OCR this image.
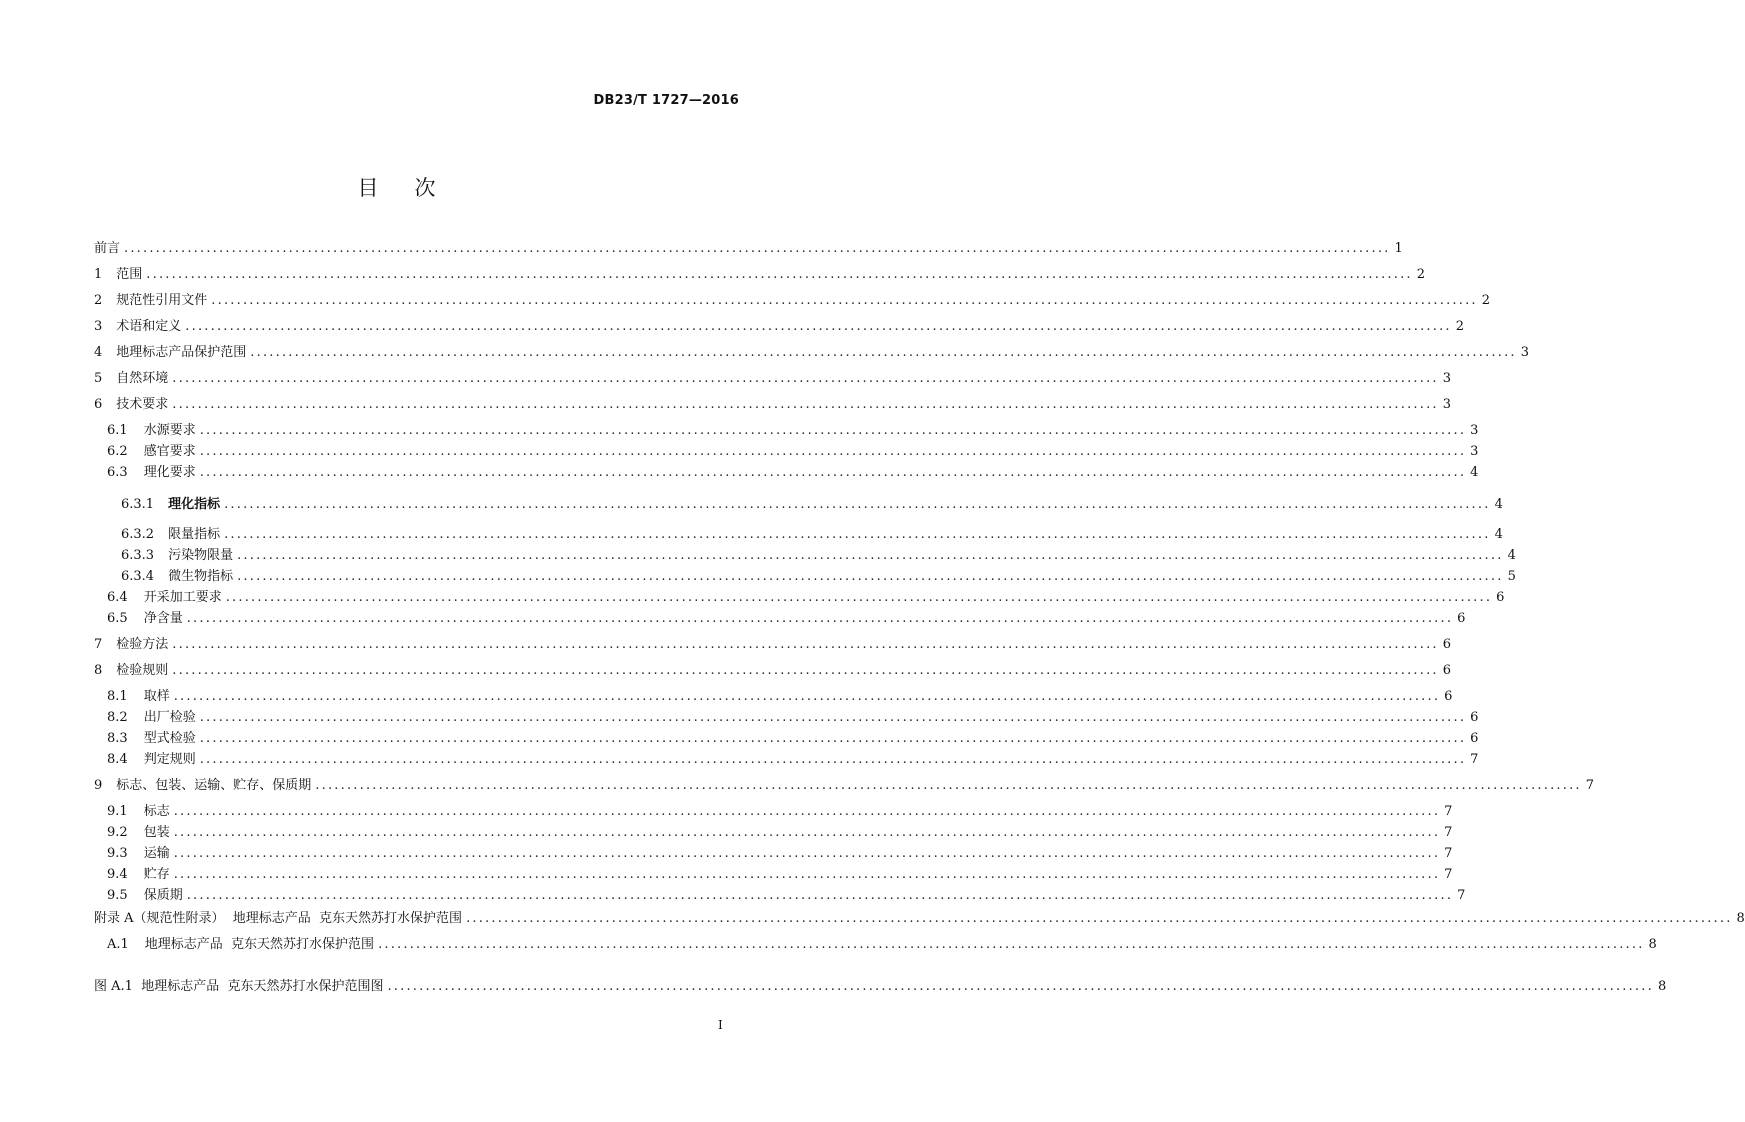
DB23/T 1727—2016
目次
前言 ........................................................................................................................................................................................................ 1
1 范围 ........................................................................................................................................................................................................ 2
2 规范性引用文件 ........................................................................................................................................................................................................ 2
3 术语和定义 ........................................................................................................................................................................................................ 2
4 地理标志产品保护范围 ........................................................................................................................................................................................................ 3
5 自然环境 ........................................................................................................................................................................................................ 3
6 技术要求 ........................................................................................................................................................................................................ 3
6.1 水源要求 ........................................................................................................................................................................................................ 3
6.2 感官要求 ........................................................................................................................................................................................................ 3
6.3 理化要求 ........................................................................................................................................................................................................ 4
6.3.1 理化指标 ........................................................................................................................................................................................................ 4
6.3.2 限量指标 ........................................................................................................................................................................................................ 4
6.3.3 污染物限量 ........................................................................................................................................................................................................ 4
6.3.4 微生物指标 ........................................................................................................................................................................................................ 5
6.4 开采加工要求 ........................................................................................................................................................................................................ 6
6.5 净含量 ........................................................................................................................................................................................................ 6
7 检验方法 ........................................................................................................................................................................................................ 6
8 检验规则 ........................................................................................................................................................................................................ 6
8.1 取样 ........................................................................................................................................................................................................ 6
8.2 出厂检验 ........................................................................................................................................................................................................ 6
8.3 型式检验 ........................................................................................................................................................................................................ 6
8.4 判定规则 ........................................................................................................................................................................................................ 7
9 标志、包装、运输、贮存、保质期 ........................................................................................................................................................................................................ 7
9.1 标志 ........................................................................................................................................................................................................ 7
9.2 包装 ........................................................................................................................................................................................................ 7
9.3 运输 ........................................................................................................................................................................................................ 7
9.4 贮存 ........................................................................................................................................................................................................ 7
9.5 保质期 ........................................................................................................................................................................................................ 7
附录 A（规范性附录）  地理标志产品  克东天然苏打水保护范围 ........................................................................................................................................................................................................ 8
A.1 地理标志产品  克东天然苏打水保护范围 ........................................................................................................................................................................................................ 8
图 A.1  地理标志产品  克东天然苏打水保护范围图 ........................................................................................................................................................................................................ 8
I
